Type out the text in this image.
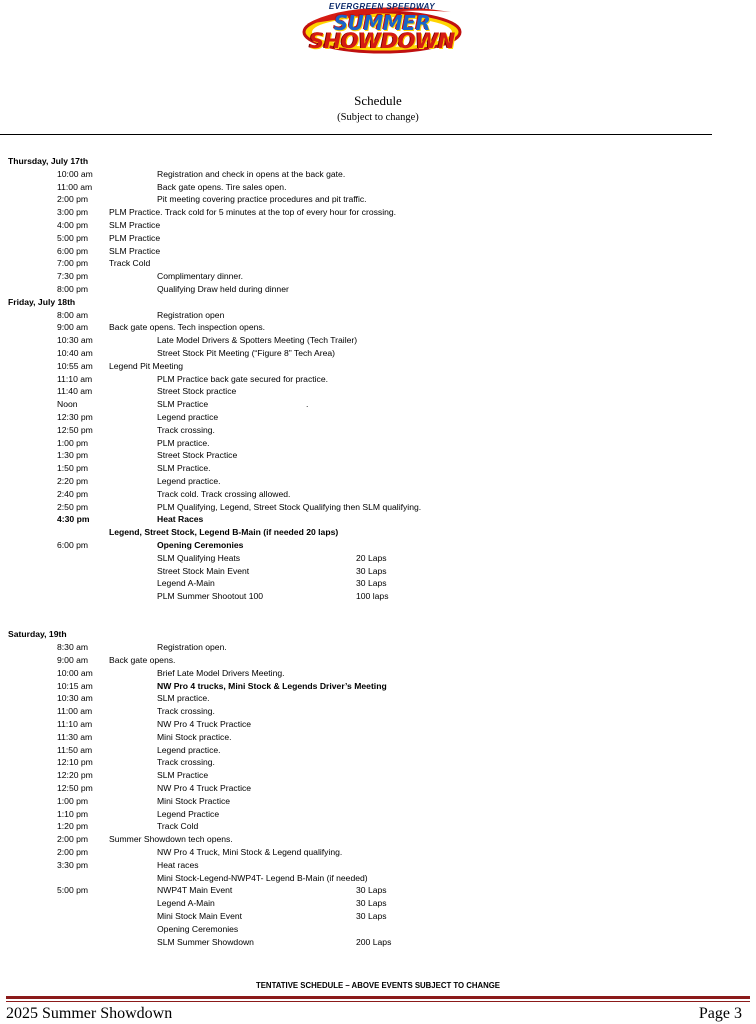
EVERGREEN SPEEDWAY
SUMMER
SHOWDOWN
Schedule
(Subject to change)
Thursday, July 17th
10:00 am	Registration and check in opens at the back gate.
11:00 am	Back gate opens. Tire sales open.
2:00 pm	Pit meeting covering practice procedures and pit traffic.
3:00 pm PLM Practice. Track cold for 5 minutes at the top of every hour for crossing.
4:00 pm SLM Practice
5:00 pm PLM Practice
6:00 pm SLM Practice
7:00 pm Track Cold
7:30 pm	Complimentary dinner.
8:00 pm	Qualifying Draw held during dinner
Friday, July 18th
8:00 am	Registration open
9:00 am Back gate opens. Tech inspection opens.
10:30 am	Late Model Drivers & Spotters Meeting (Tech Trailer)
10:40 am	Street Stock Pit Meeting (“Figure 8” Tech Area)
10:55 am Legend Pit Meeting
11:10 am	PLM Practice back gate secured for practice.
11:40 am	Street Stock practice
Noon	SLM Practice	.
12:30 pm	Legend practice
12:50 pm	Track crossing.
1:00 pm	PLM practice.
1:30 pm	Street Stock Practice
1:50 pm	SLM Practice.
2:20 pm	Legend practice.
2:40 pm	Track cold. Track crossing allowed.
2:50 pm	PLM Qualifying, Legend, Street Stock Qualifying then SLM qualifying.
4:30 pm	Heat Races
Legend, Street Stock, Legend B-Main (if needed 20 laps)
6:00 pm	Opening Ceremonies
SLM Qualifying Heats	20 Laps
Street Stock Main Event	30 Laps
Legend A-Main	30 Laps
PLM Summer Shootout 100	100 laps
Saturday, 19th
8:30 am	Registration open.
9:00 am Back gate opens.
10:00 am	Brief Late Model Drivers Meeting.
10:15 am	NW Pro 4 trucks, Mini Stock & Legends Driver’s Meeting
10:30 am	SLM practice.
11:00 am	Track crossing.
11:10 am	NW Pro 4 Truck Practice
11:30 am	Mini Stock practice.
11:50 am	Legend practice.
12:10 pm	Track crossing.
12:20 pm	SLM Practice
12:50 pm	NW Pro 4 Truck Practice
1:00 pm	Mini Stock Practice
1:10 pm	Legend Practice
1:20 pm	Track Cold
2:00 pm Summer Showdown tech opens.
2:00 pm	NW Pro 4 Truck, Mini Stock & Legend qualifying.
3:30 pm	Heat races
Mini Stock-Legend-NWP4T- Legend B-Main (if needed)
5:00 pm	NWP4T Main Event	30 Laps
Legend A-Main	30 Laps
Mini Stock Main Event	30 Laps
Opening Ceremonies
SLM Summer Showdown	200 Laps
TENTATIVE SCHEDULE – ABOVE EVENTS SUBJECT TO CHANGE
2025 Summer Showdown	Page 3
